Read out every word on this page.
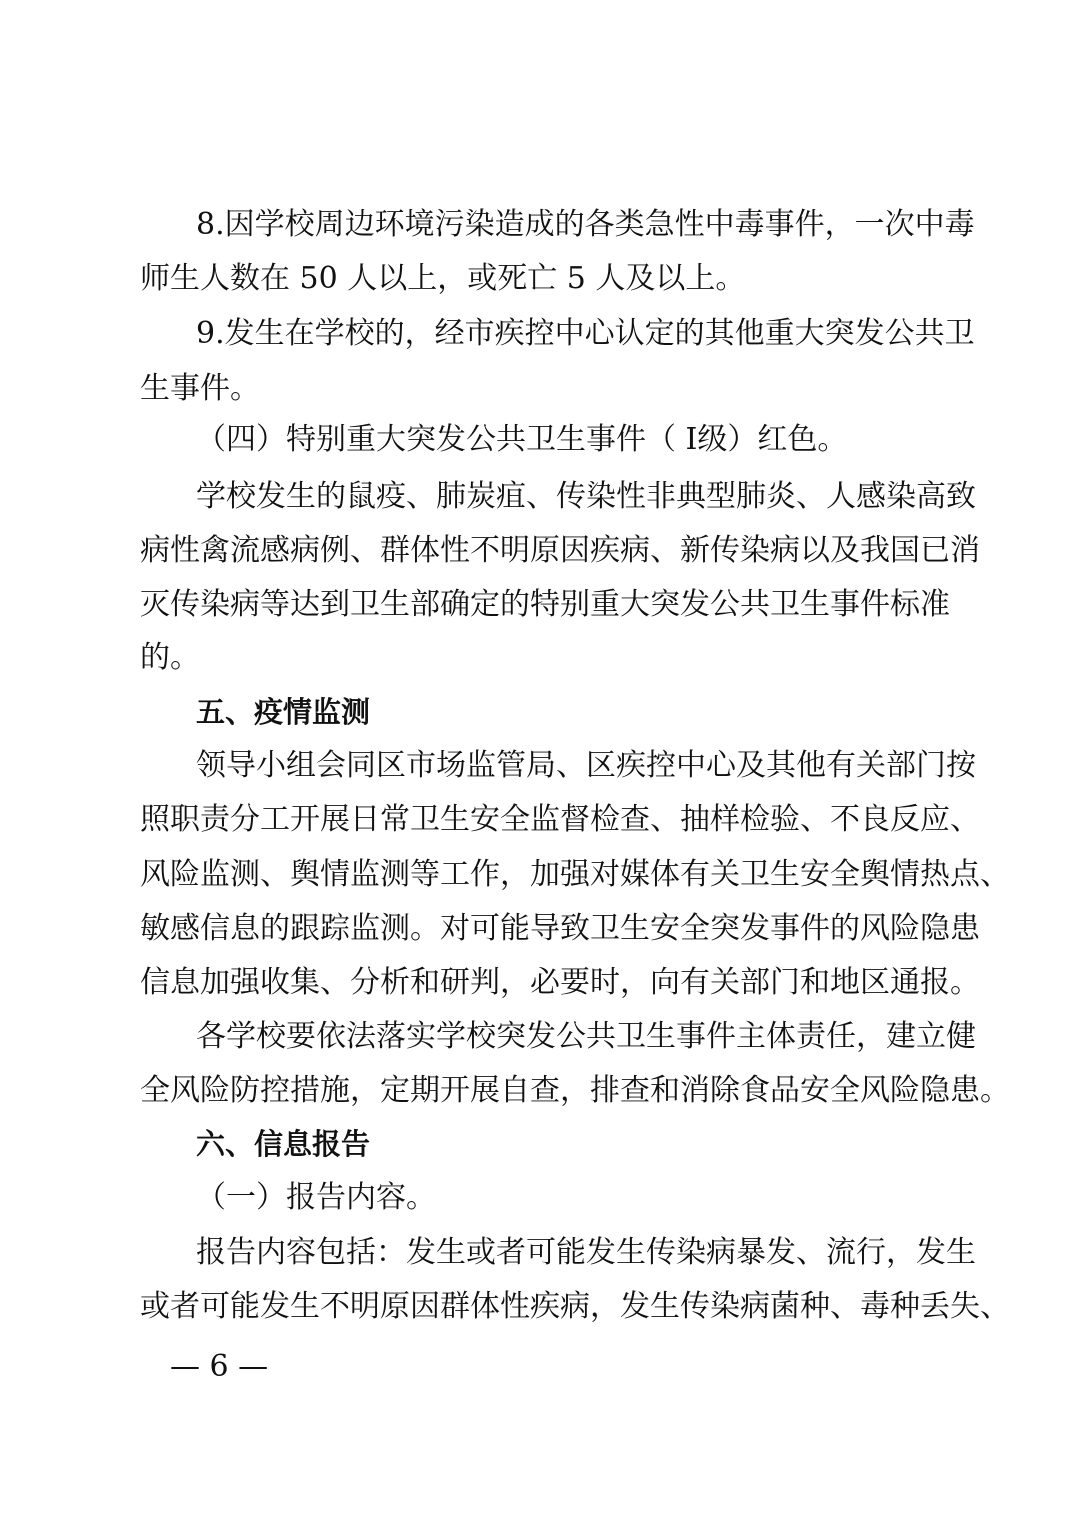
8.因学校周边环境污染造成的各类急性中毒事件，一次中毒
师生人数在 50 人以上，或死亡 5 人及以上。
9.发生在学校的，经市疾控中心认定的其他重大突发公共卫
生事件。
（四）特别重大突发公共卫生事件（ Ⅰ级）红色。
学校发生的鼠疫、肺炭疽、传染性非典型肺炎、人感染高致
病性禽流感病例、群体性不明原因疾病、新传染病以及我国已消
灭传染病等达到卫生部确定的特别重大突发公共卫生事件标准
的。
五、疫情监测
领导小组会同区市场监管局、区疾控中心及其他有关部门按
照职责分工开展日常卫生安全监督检查、抽样检验、不良反应、
风险监测、舆情监测等工作，加强对媒体有关卫生安全舆情热点、
敏感信息的跟踪监测。对可能导致卫生安全突发事件的风险隐患
信息加强收集、分析和研判，必要时，向有关部门和地区通报。
各学校要依法落实学校突发公共卫生事件主体责任，建立健
全风险防控措施，定期开展自查，排查和消除食品安全风险隐患。
六、信息报告
（一）报告内容。
报告内容包括：发生或者可能发生传染病暴发、流行，发生
或者可能发生不明原因群体性疾病，发生传染病菌种、毒种丢失、
— 6 —
